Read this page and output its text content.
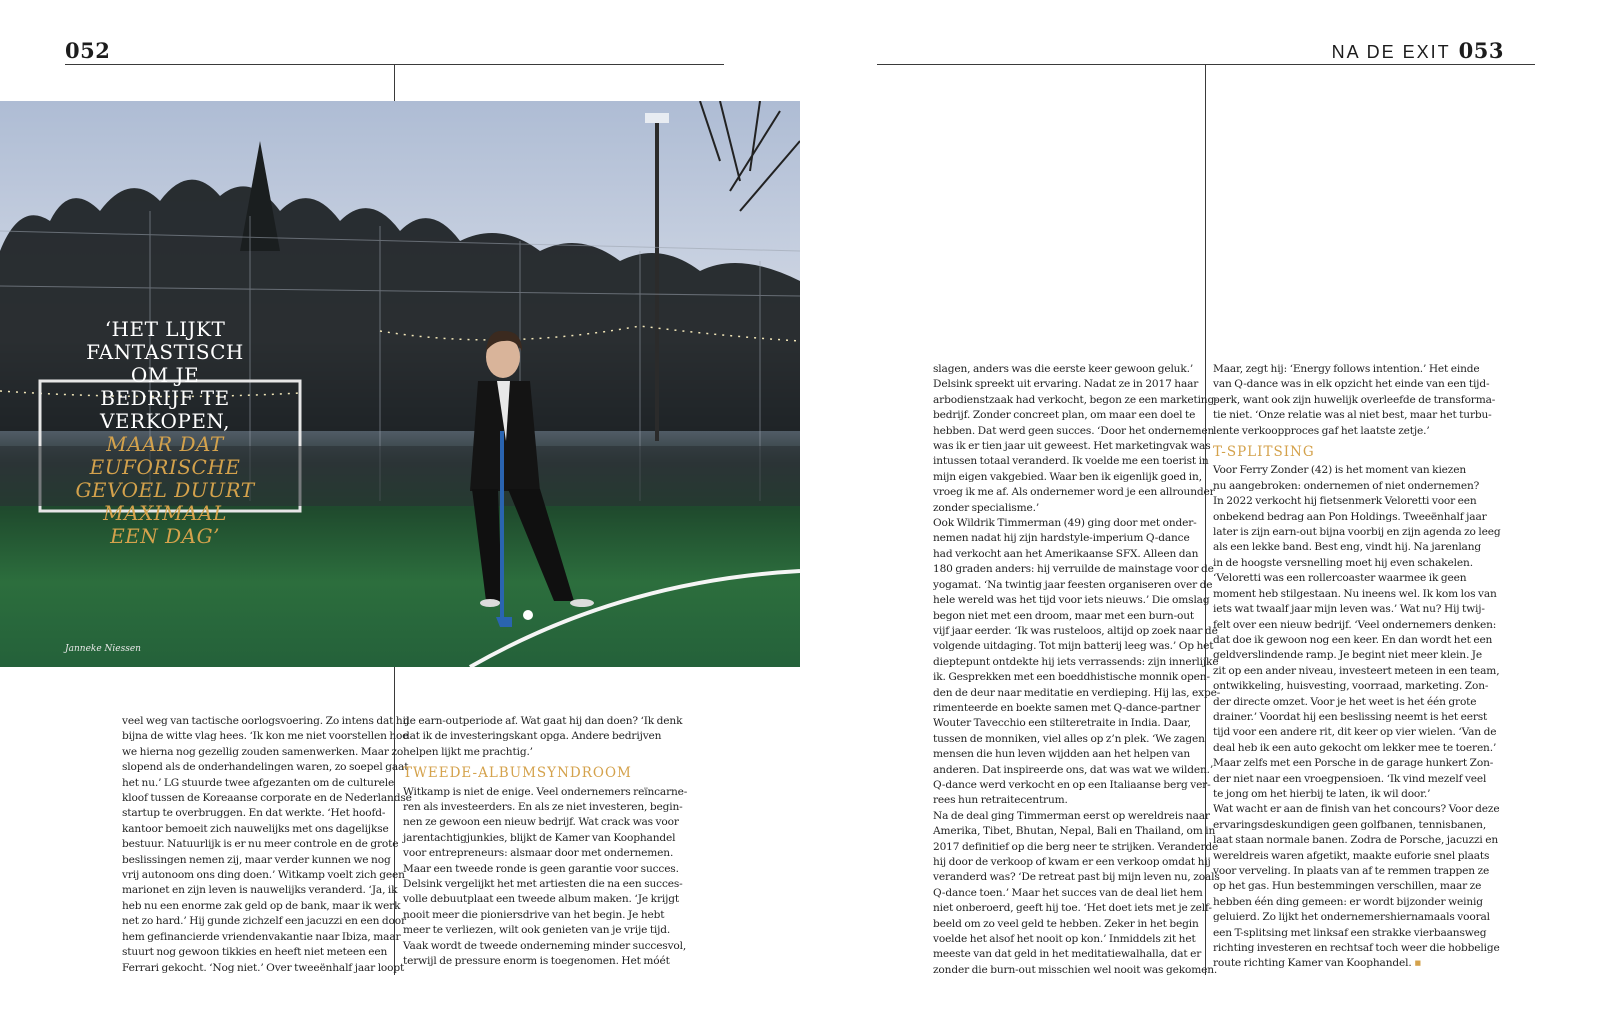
052	NA DE EXIT 053
‘HET LIJKT
FANTASTISCH
OM JE
BEDRIJF TE
VERKOPEN,
MAAR DAT
EUFORISCHE
GEVOEL DUURT
MAXIMAAL
EEN DAG’
Janneke Niessen

veel weg van tactische oorlogsvoering. Zo intens dat hij

bijna de witte vlag hees. ‘Ik kon me niet voorstellen hoe

we hierna nog gezellig zouden samenwerken. Maar zo

slopend als de onderhandelingen waren, zo soepel gaat

het nu.’ LG stuurde twee afgezanten om de culturele

kloof tussen de Koreaanse corporate en de Nederlandse

startup te overbruggen. En dat werkte. ‘Het hoofd-

kantoor bemoeit zich nauwelijks met ons dagelijkse

bestuur. Natuurlijk is er nu meer controle en de grote

beslissingen nemen zij, maar verder kunnen we nog

vrij autonoom ons ding doen.’ Witkamp voelt zich geen

marionet en zijn leven is nauwelijks veranderd. ‘Ja, ik

heb nu een enorme zak geld op de bank, maar ik werk

net zo hard.’ Hij gunde zichzelf een jacuzzi en een door

hem gefinancierde vriendenvakantie naar Ibiza, maar

stuurt nog gewoon tikkies en heeft niet meteen een

Ferrari gekocht. ‘Nog niet.’ Over tweeënhalf jaar loopt

de earn-outperiode af. Wat gaat hij dan doen? ‘Ik denk

dat ik de investeringskant opga. Andere bedrijven

helpen lijkt me prachtig.’

TWEEDE-ALBUMSYNDROOM

Witkamp is niet de enige. Veel ondernemers reïncarne-

ren als investeerders. En als ze niet investeren, begin-

nen ze gewoon een nieuw bedrijf. Wat crack was voor

jarentachtigjunkies, blijkt de Kamer van Koophandel

voor entrepreneurs: alsmaar door met ondernemen.

Maar een tweede ronde is geen garantie voor succes.

Delsink vergelijkt het met artiesten die na een succes-

volle debuutplaat een tweede album maken. ‘Je krijgt

nooit meer die pioniersdrive van het begin. Je hebt

meer te verliezen, wilt ook genieten van je vrije tijd.

Vaak wordt de tweede onderneming minder succesvol,

terwijl de pressure enorm is toegenomen. Het móét

slagen, anders was die eerste keer gewoon geluk.’

Delsink spreekt uit ervaring. Nadat ze in 2017 haar

arbodienstzaak had verkocht, begon ze een marketing-

bedrijf. Zonder concreet plan, om maar een doel te

hebben. Dat werd geen succes. ‘Door het ondernemen

was ik er tien jaar uit geweest. Het marketingvak was

intussen totaal veranderd. Ik voelde me een toerist in

mijn eigen vakgebied. Waar ben ik eigenlijk goed in,

vroeg ik me af. Als ondernemer word je een allrounder

zonder specialisme.’

Ook Wildrik Timmerman (49) ging door met onder-

nemen nadat hij zijn hardstyle-imperium Q-dance

had verkocht aan het Amerikaanse SFX. Alleen dan

180 graden anders: hij verruilde de mainstage voor de

yogamat. ‘Na twintig jaar feesten organiseren over de

hele wereld was het tijd voor iets nieuws.’ Die omslag

begon niet met een droom, maar met een burn-out

vijf jaar eerder. ‘Ik was rusteloos, altijd op zoek naar de

volgende uitdaging. Tot mijn batterij leeg was.’ Op het

dieptepunt ontdekte hij iets verrassends: zijn innerlijke

ik. Gesprekken met een boeddhistische monnik open-

den de deur naar meditatie en verdieping. Hij las, expe-

rimenteerde en boekte samen met Q-dance-partner

Wouter Tavecchio een stilteretraite in India. Daar,

tussen de monniken, viel alles op z’n plek. ‘We zagen

mensen die hun leven wijdden aan het helpen van

anderen. Dat inspireerde ons, dat was wat we wilden.’

Q-dance werd verkocht en op een Italiaanse berg ver-

rees hun retraitecentrum.

Na de deal ging Timmerman eerst op wereldreis naar

Amerika, Tibet, Bhutan, Nepal, Bali en Thailand, om in

2017 definitief op die berg neer te strijken. Veranderde

hij door de verkoop of kwam er een verkoop omdat hij

veranderd was? ‘De retreat past bij mijn leven nu, zoals

Q-dance toen.’ Maar het succes van de deal liet hem

niet onberoerd, geeft hij toe. ‘Het doet iets met je zelf-

beeld om zo veel geld te hebben. Zeker in het begin

voelde het alsof het nooit op kon.’ Inmiddels zit het

meeste van dat geld in het meditatiewalhalla, dat er

zonder die burn-out misschien wel nooit was gekomen.

Maar, zegt hij: ‘Energy follows intention.’ Het einde

van Q-dance was in elk opzicht het einde van een tijd-

perk, want ook zijn huwelijk overleefde de transforma-

tie niet. ‘Onze relatie was al niet best, maar het turbu-

lente verkoopproces gaf het laatste zetje.’

T-SPLITSING

Voor Ferry Zonder (42) is het moment van kiezen

nu aangebroken: ondernemen of niet ondernemen?

In 2022 verkocht hij fietsenmerk Veloretti voor een

onbekend bedrag aan Pon Holdings. Tweeënhalf jaar

later is zijn earn-out bijna voorbij en zijn agenda zo leeg

als een lekke band. Best eng, vindt hij. Na jarenlang

in de hoogste versnelling moet hij even schakelen.

‘Veloretti was een rollercoaster waarmee ik geen

moment heb stilgestaan. Nu ineens wel. Ik kom los van

iets wat twaalf jaar mijn leven was.’ Wat nu? Hij twij-

felt over een nieuw bedrijf. ‘Veel ondernemers denken:

dat doe ik gewoon nog een keer. En dan wordt het een

geldverslindende ramp. Je begint niet meer klein. Je

zit op een ander niveau, investeert meteen in een team,

ontwikkeling, huisvesting, voorraad, marketing. Zon-

der directe omzet. Voor je het weet is het één grote

drainer.’ Voordat hij een beslissing neemt is het eerst

tijd voor een andere rit, dit keer op vier wielen. ‘Van de

deal heb ik een auto gekocht om lekker mee te toeren.’

Maar zelfs met een Porsche in de garage hunkert Zon-

der niet naar een vroegpensioen. ‘Ik vind mezelf veel

te jong om het hierbij te laten, ik wil door.’

Wat wacht er aan de finish van het concours? Voor deze

ervaringsdeskundigen geen golfbanen, tennisbanen,

laat staan normale banen. Zodra de Porsche, jacuzzi en

wereldreis waren afgetikt, maakte euforie snel plaats

voor verveling. In plaats van af te remmen trappen ze

op het gas. Hun bestemmingen verschillen, maar ze

hebben één ding gemeen: er wordt bijzonder weinig

geluierd. Zo lijkt het ondernemershiernamaals vooral

een T-splitsing met linksaf een strakke vierbaansweg

richting investeren en rechtsaf toch weer die hobbelige

route richting Kamer van Koophandel. ▪
